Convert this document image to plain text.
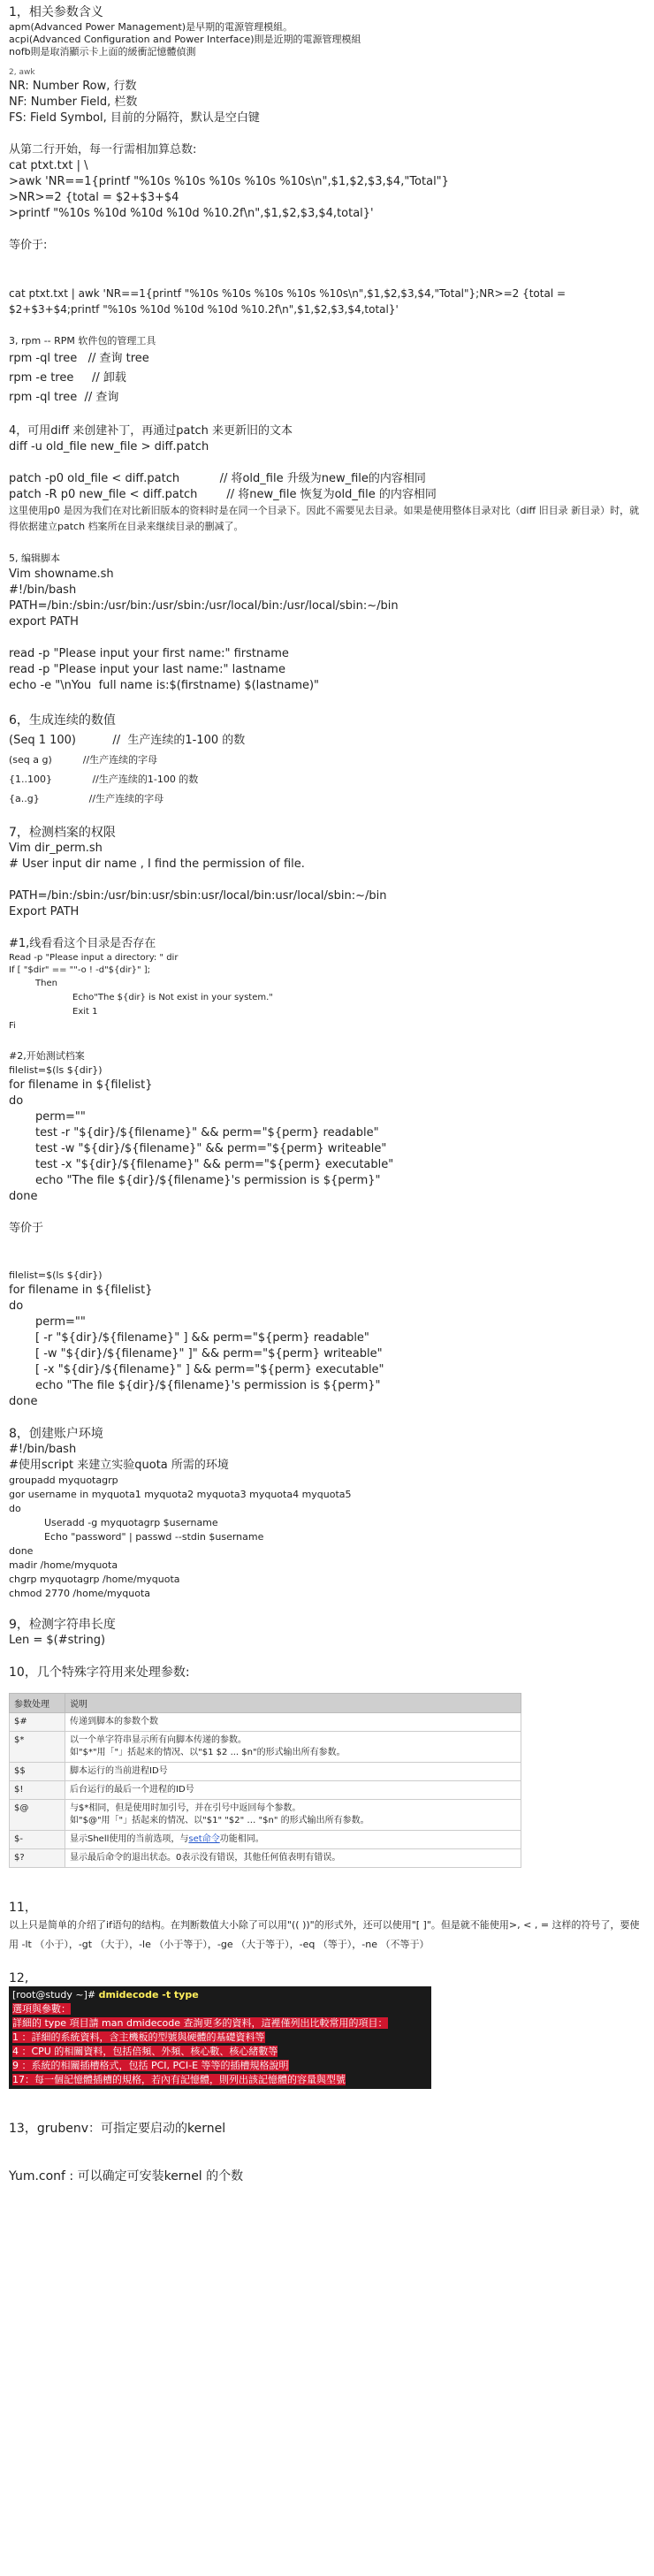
1，相关参数含义
apm(Advanced Power Management)是早期的電源管理模組。
acpi(Advanced Configuration and Power Interface)則是近期的電源管理模組
nofb則是取消顯示卡上面的緩衝記憶體偵測
2, awk
NR: Number Row, 行数
NF: Number Field, 栏数
FS: Field Symbol, 目前的分隔符，默认是空白键
从第二行开始，每一行需相加算总数:
cat ptxt.txt | \
>awk 'NR==1{printf "%10s %10s %10s %10s %10s\n",$1,$2,$3,$4,"Total"}
>NR>=2 {total = $2+$3+$4
>printf "%10s %10d %10d %10d %10.2f\n",$1,$2,$3,$4,total}'
等价于:
cat ptxt.txt | awk 'NR==1{printf "%10s %10s %10s %10s %10s\n",$1,$2,$3,$4,"Total"};NR>=2 {total = $2+$3+$4;printf "%10s %10d %10d %10d %10.2f\n",$1,$2,$3,$4,total}'
3, rpm -- RPM 软件包的管理工具
rpm -ql tree   // 查询 tree
rpm -e tree     // 卸载
rpm -ql tree  // 查询
4，可用diff 来创建补丁，再通过patch 来更新旧的文本
diff -u old_file new_file > diff.patch
patch -p0 old_file < diff.patch           // 将old_file 升级为new_file的内容相同
patch -R p0 new_file < diff.patch        // 将new_file 恢复为old_file 的内容相同
这里使用p0 是因为我们在对比新旧版本的资料时是在同一个目录下。因此不需要见去目录。如果是使用整体目录对比（diff 旧目录 新目录）时，就得依据建立patch 档案所在目录来继续目录的删减了。
5, 编辑脚本
Vim showname.sh
#!/bin/bash
PATH=/bin:/sbin:/usr/bin:/usr/sbin:/usr/local/bin:/usr/local/sbin:~/bin
export PATH
read -p "Please input your first name:" firstname
read -p "Please input your last name:" lastname
echo -e "\nYou  full name is:$(firstname) $(lastname)"
6，生成连续的数值
(Seq 1 100)          //  生产连续的1-100 的数
(seq a g)          //生产连续的字母
{1..100}             //生产连续的1-100 的数
{a..g}                //生产连续的字母
7，检测档案的权限
Vim dir_perm.sh
# User input dir name , I find the permission of file.
PATH=/bin:/sbin:/usr/bin:usr/sbin:usr/local/bin:usr/local/sbin:~/bin
Export PATH
#1,线看看这个目录是否存在
Read -p "Please input a directory: " dir
If [ "$dir" == ""-o ! -d"${dir}" ];
Then
Echo"The ${dir} is Not exist in your system."
Exit 1
Fi
#2,开始测试档案
filelist=$(ls ${dir})
for filename in ${filelist}
do
perm=""
test -r "${dir}/${filename}" && perm="${perm} readable"
test -w "${dir}/${filename}" && perm="${perm} writeable"
test -x "${dir}/${filename}" && perm="${perm} executable"
echo "The file ${dir}/${filename}'s permission is ${perm}"
done
等价于
filelist=$(ls ${dir})
for filename in ${filelist}
do
perm=""
[ -r "${dir}/${filename}" ] && perm="${perm} readable"
[ -w "${dir}/${filename}" ]" && perm="${perm} writeable"
[ -x "${dir}/${filename}" ] && perm="${perm} executable"
echo "The file ${dir}/${filename}'s permission is ${perm}"
done
8，创建账户环境
#!/bin/bash
#使用script 来建立实验quota 所需的环境
groupadd myquotagrp
gor username in myquota1 myquota2 myquota3 myquota4 myquota5
do
Useradd -g myquotagrp $username
Echo "password" | passwd --stdin $username
done
madir /home/myquota
chgrp myquotagrp /home/myquota
chmod 2770 /home/myquota
9，检测字符串长度
Len = $(#string)
10，几个特殊字符用来处理参数:
参数处理	说明
$#	传递到脚本的参数个数

$*	以一个单字符串显示所有向脚本传递的参数。
如"$*"用「"」括起来的情况、以"$1 $2 ... $n"的形式输出所有参数。

$$	脚本运行的当前进程ID号

$!	后台运行的最后一个进程的ID号

$@	与$*相同，但是使用时加引号，并在引号中返回每个参数。
如"$@"用「"」括起来的情况、以"$1" "$2" … "$n" 的形式输出所有参数。

$-	显示Shell使用的当前选项，与set命令功能相同。
$?	显示最后命令的退出状态。0表示没有错误，其他任何值表明有错误。
11，
以上只是简单的介绍了if语句的结构。在判断数值大小除了可以用"(( ))"的形式外，还可以使用"[ ]"。但是就不能使用>, < , = 这样的符号了，要使用 -lt （小于），-gt （大于），-le （小于等于），-ge （大于等于），-eq （等于），-ne （不等于）
12,
[root@study ~]# dmidecode -t type
選項與參數：
詳細的 type 項目請 man dmidecode 查詢更多的資料，這裡僅列出比較常用的項目：
1 ：詳細的系統資料，含主機板的型號與硬體的基礎資料等
4 ：CPU 的相關資料，包括倍頻、外頻、核心數、核心緒數等
9 ：系統的相關插槽格式，包括 PCI, PCI-E 等等的插槽規格說明
17：每一個記憶體插槽的規格，若內有記憶體，則列出該記憶體的容量與型號
13，grubenv：可指定要启动的kernel
Yum.conf : 可以确定可安装kernel 的个数
